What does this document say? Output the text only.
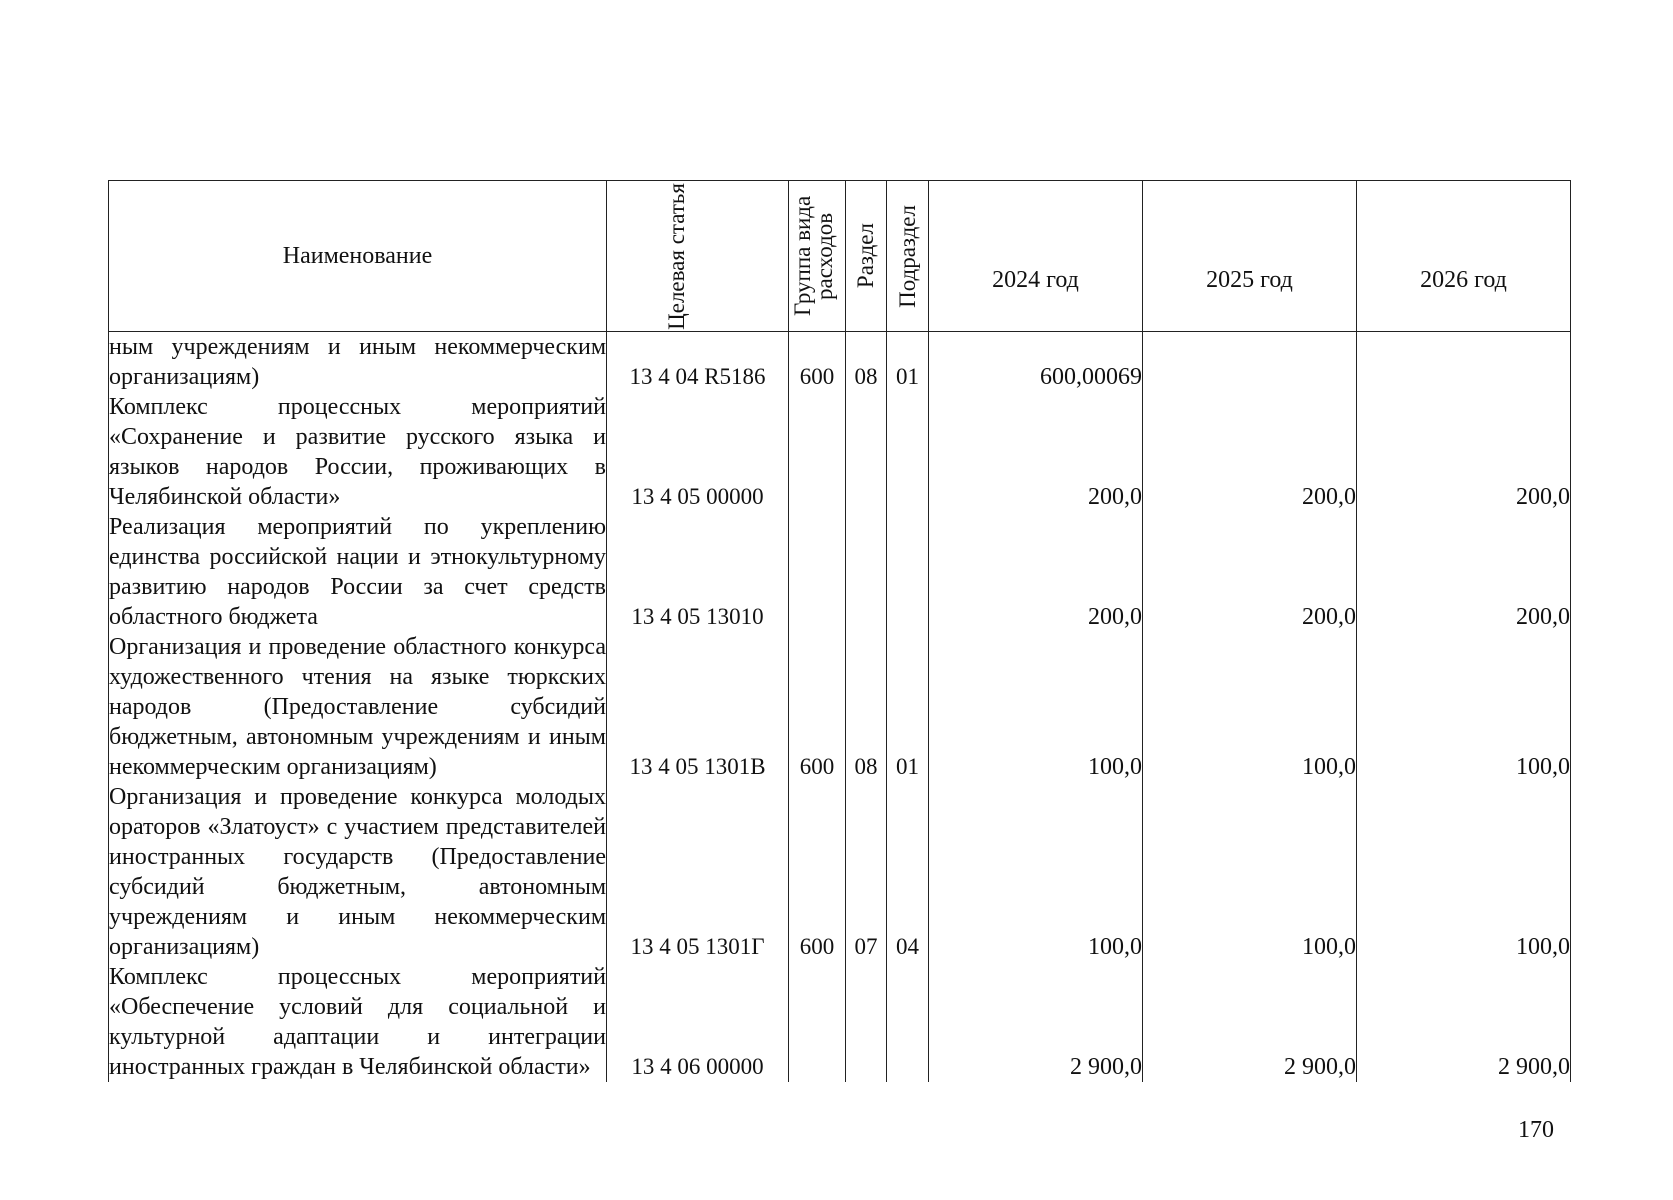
Наименование	Целевая статья	Группа вида расходов	Раздел	Подраздел	2024 год	2025 год	2026 год

ным учреждениям и иным некоммерческим организациям)	13 4 04 R5186	600	08	01	600,00069		
Комплекс процессных мероприятий «Сохранение и развитие русского языка и языков народов России, проживающих в Челябинской области»	13 4 05 00000				200,0	200,0	200,0
Реализация мероприятий по укреплению единства российской нации и этнокультурному развитию народов России за счет средств областного бюджета	13 4 05 13010				200,0	200,0	200,0
Организация и проведение областного конкурса художественного чтения на языке тюркских народов (Предоставление субсидий бюджетным, автономным учреждениям и иным некоммерческим организациям)	13 4 05 1301В	600	08	01	100,0	100,0	100,0
Организация и проведение конкурса молодых ораторов «Златоуст» с участием представителей иностранных государств (Предоставление субсидий бюджетным, автономным учреждениям и иным некоммерческим организациям)	13 4 05 1301Г	600	07	04	100,0	100,0	100,0
Комплекс процессных мероприятий «Обеспечение условий для социальной и культурной адаптации и интеграции иностранных граждан в Челябинской области»	13 4 06 00000				2 900,0	2 900,0	2 900,0
170
